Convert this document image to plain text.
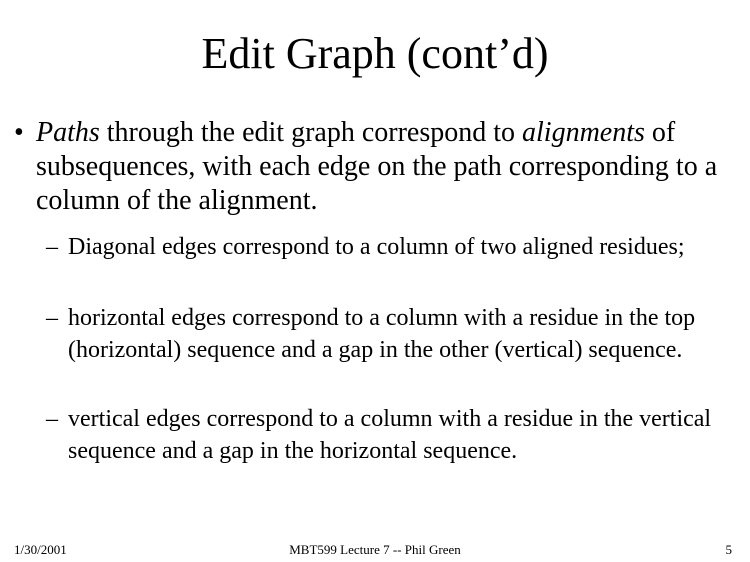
Edit Graph (cont’d)
• Paths through the edit graph correspond to alignments of subsequences, with each edge on the path corresponding to a column of the alignment.
– Diagonal edges correspond to a column of two aligned residues;
– horizontal edges correspond to a column with a residue in the top (horizontal) sequence and a gap in the other (vertical) sequence.
– vertical edges correspond to a column with a residue in the vertical sequence and a gap in the horizontal sequence.
1/30/2001	MBT599 Lecture 7 -- Phil Green	5
